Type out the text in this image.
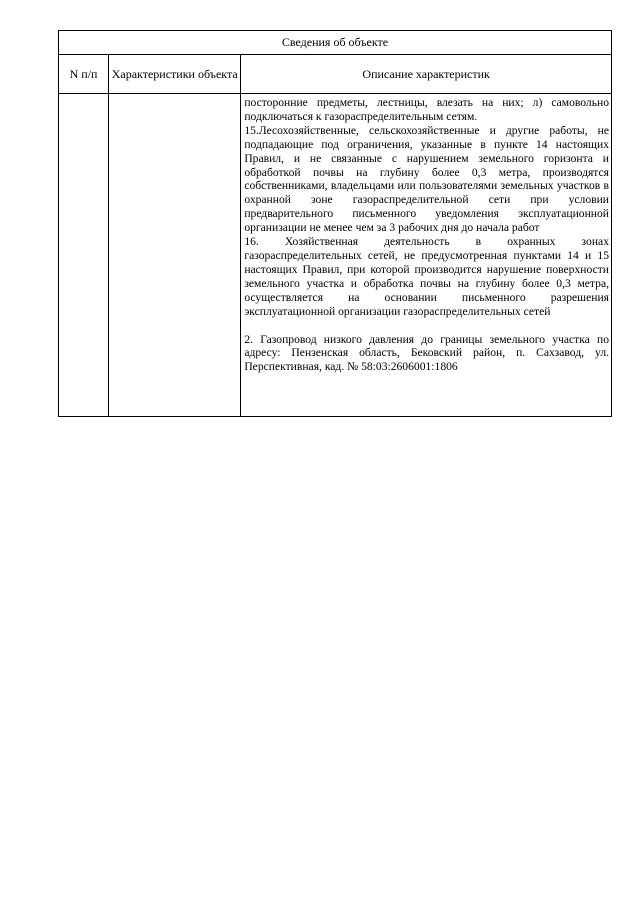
Сведения об объекте		
N п/п	Характеристики объекта	Описание характеристик

		посторонние предметы, лестницы, влезать на них; л) самовольно подключаться к газораспределительным сетям.

15.Лесохозяйственные, сельскохозяйственные и другие работы, не подпадающие под ограничения, указанные в пункте 14 настоящих Правил, и не связанные с нарушением земельного горизонта и обработкой почвы на глубину более 0,3 метра, производятся собственниками, владельцами или пользователями земельных участков в охранной зоне газораспределительной сети при условии предварительного письменного уведомления эксплуатационной организации не менее чем за 3 рабочих дня до начала работ

16. Хозяйственная деятельность в охранных зонах газораспределительных сетей, не предусмотренная пунктами 14 и 15 настоящих Правил, при которой производится нарушение поверхности земельного участка и обработка почвы на глубину более 0,3 метра, осуществляется на основании письменного разрешения эксплуатационной организации газораспределительных сетей

2. Газопровод низкого давления до границы земельного участка по адресу: Пензенская область, Бековский район, п. Сахзавод, ул. Перспективная, кад. № 58:03:2606001:1806
